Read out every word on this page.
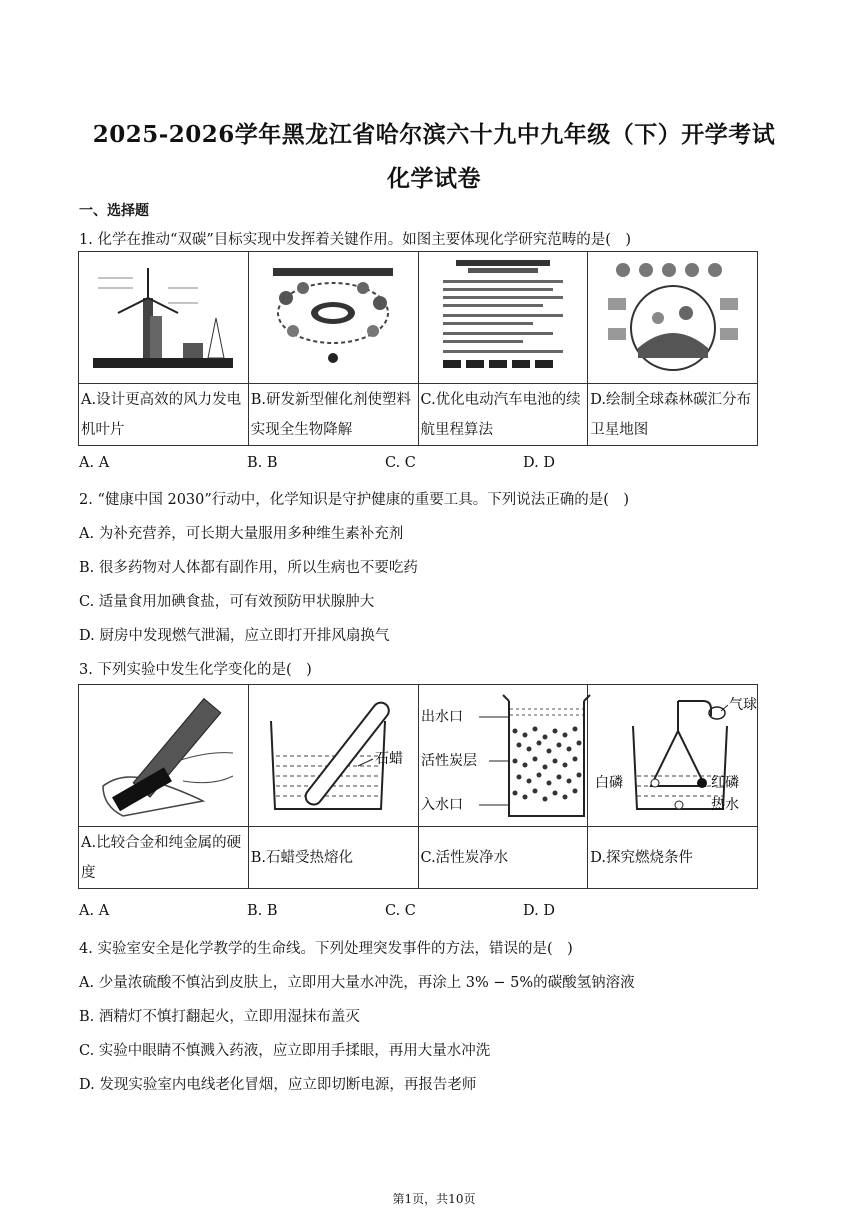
2025-2026学年黑龙江省哈尔滨六十九中九年级（下）开学考试
化学试卷
一、选择题
1. 化学在推动“双碳”目标实现中发挥着关键作用。如图主要体现化学研究范畴的是(　)

A.设计更高效的风力发电机叶片	B.研发新型催化剂使塑料实现全生物降解	C.优化电动汽车电池的续航里程算法	D.绘制全球森林碳汇分布卫星地图
A. A	B. B	C. C	D. D
2. “健康中国 2030”行动中，化学知识是守护健康的重要工具。下列说法正确的是(　)
A. 为补充营养，可长期大量服用多种维生素补充剂
B. 很多药物对人体都有副作用，所以生病也不要吃药
C. 适量食用加碘食盐，可有效预防甲状腺肿大
D. 厨房中发现燃气泄漏，应立即打开排风扇换气
3. 下列实验中发生化学变化的是(　)

石蜡	出水口
活性炭层
入水口	气球
白磷 红磷
热水

A.比较合金和纯金属的硬度	B.石蜡受热熔化	C.活性炭净水	D.探究燃烧条件
A. A	B. B	C. C	D. D
4. 实验室安全是化学教学的生命线。下列处理突发事件的方法，错误的是(　)
A. 少量浓硫酸不慎沾到皮肤上，立即用大量水冲洗，再涂上 3% − 5%的碳酸氢钠溶液
B. 酒精灯不慎打翻起火，立即用湿抹布盖灭
C. 实验中眼睛不慎溅入药液，应立即用手揉眼，再用大量水冲洗
D. 发现实验室内电线老化冒烟，应立即切断电源，再报告老师
第1页，共10页
